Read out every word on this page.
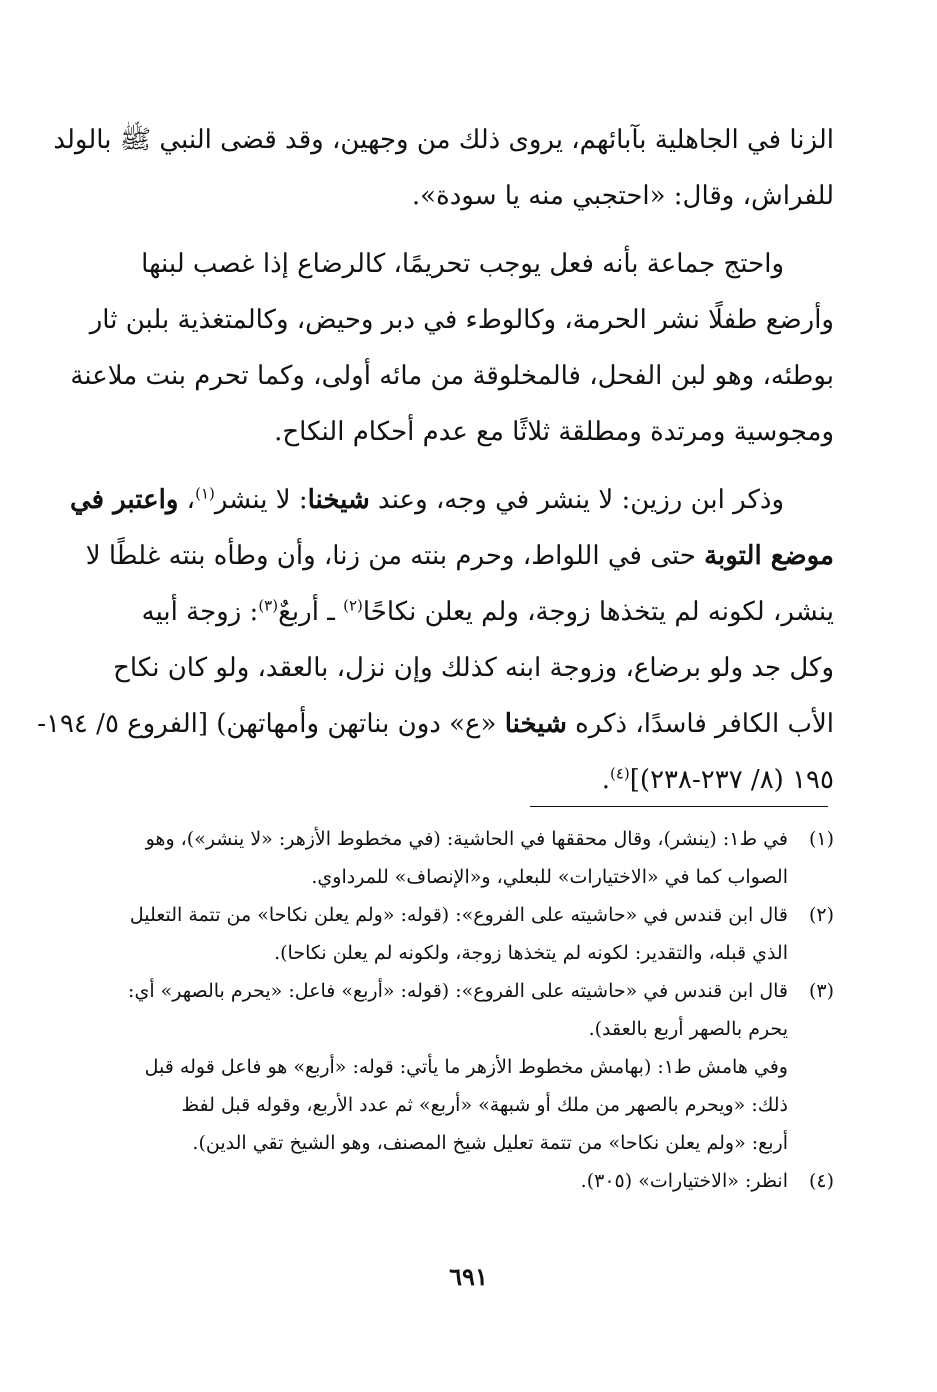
الزنا في الجاهلية بآبائهم، يروى ذلك من وجهين، وقد قضى النبي ﷺ بالولد
للفراش، وقال: «احتجبي منه يا سودة».
واحتج جماعة بأنه فعل يوجب تحريمًا، كالرضاع إذا غصب لبنها
وأرضع طفلًا نشر الحرمة، وكالوطء في دبر وحيض، وكالمتغذية بلبن ثار
بوطئه، وهو لبن الفحل، فالمخلوقة من مائه أولى، وكما تحرم بنت ملاعنة
ومجوسية ومرتدة ومطلقة ثلاثًا مع عدم أحكام النكاح.
وذكر ابن رزين: لا ينشر في وجه، وعند شيخنا: لا ينشر$^{(١)}$، واعتبر في
موضع التوبة حتى في اللواط، وحرم بنته من زنا، وأن وطأه بنته غلطًا لا
ينشر، لكونه لم يتخذها زوجة، ولم يعلن نكاحًا$^{(٢)}$ ـ أربعٌ$^{(٣)}$: زوجة أبيه
وكل جد ولو برضاع، وزوجة ابنه كذلك وإن نزل، بالعقد، ولو كان نكاح
الأب الكافر فاسدًا، ذكره شيخنا «ع» دون بناتهن وأمهاتهن) [الفروع ٥/ ١٩٤-
١٩٥ (٨/ ٢٣٧-٢٣٨)]$^{(٤)}$.
(١)
في ط١: (ينشر)، وقال محققها في الحاشية: (في مخطوط الأزهر: «لا ينشر»)، وهو
الصواب كما في «الاختيارات» للبعلي، و«الإنصاف» للمرداوي.
(٢)
قال ابن قندس في «حاشيته على الفروع»: (قوله: «ولم يعلن نكاحا» من تتمة التعليل
الذي قبله، والتقدير: لكونه لم يتخذها زوجة، ولكونه لم يعلن نكاحا).
(٣)
قال ابن قندس في «حاشيته على الفروع»: (قوله: «أربع» فاعل: «يحرم بالصهر» أي:
يحرم بالصهر أربع بالعقد).
وفي هامش ط١: (بهامش مخطوط الأزهر ما يأتي: قوله: «أربع» هو فاعل قوله قبل
ذلك: «ويحرم بالصهر من ملك أو شبهة» «أربع» ثم عدد الأربع، وقوله قبل لفظ
أربع: «ولم يعلن نكاحا» من تتمة تعليل شيخ المصنف، وهو الشيخ تقي الدين).
(٤)
انظر: «الاختيارات» (٣٠٥).
٦٩١
